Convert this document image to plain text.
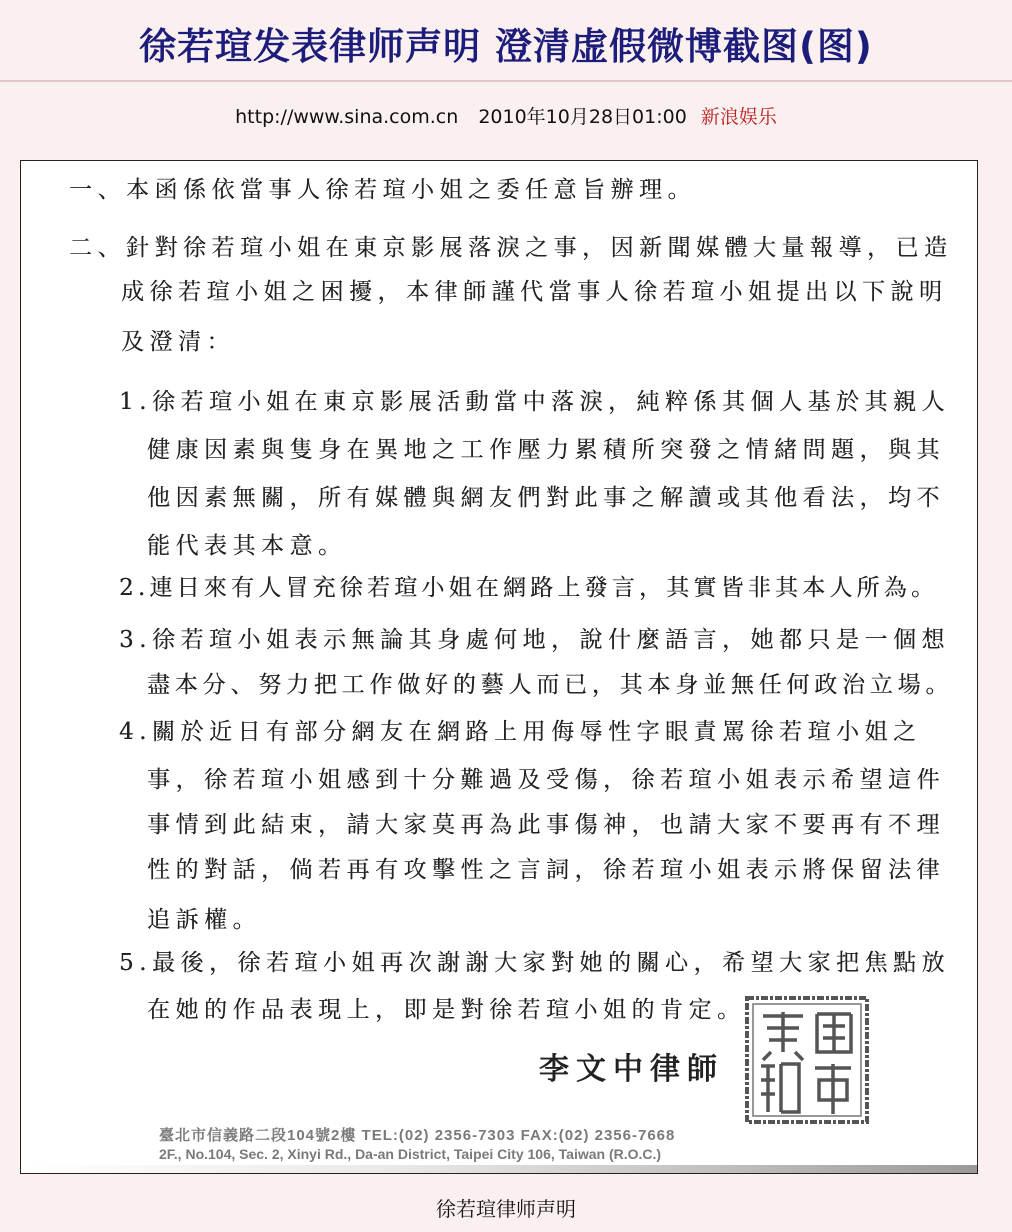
徐若瑄发表律师声明 澄清虚假微博截图(图)
http://www.sina.com.cn 2010年10月28日01:00 新浪娱乐
一、本函係依當事人徐若瑄小姐之委任意旨辦理。
二、針對徐若瑄小姐在東京影展落淚之事，因新聞媒體大量報導，已造
成徐若瑄小姐之困擾，本律師謹代當事人徐若瑄小姐提出以下說明
及澄清：
1.徐若瑄小姐在東京影展活動當中落淚，純粹係其個人基於其親人
健康因素與隻身在異地之工作壓力累積所突發之情緒問題，與其
他因素無關，所有媒體與網友們對此事之解讀或其他看法，均不
能代表其本意。
2.連日來有人冒充徐若瑄小姐在網路上發言，其實皆非其本人所為。
3.徐若瑄小姐表示無論其身處何地，說什麼語言，她都只是一個想
盡本分、努力把工作做好的藝人而已，其本身並無任何政治立場。
4.關於近日有部分網友在網路上用侮辱性字眼責罵徐若瑄小姐之
事，徐若瑄小姐感到十分難過及受傷，徐若瑄小姐表示希望這件
事情到此結束，請大家莫再為此事傷神，也請大家不要再有不理
性的對話，倘若再有攻擊性之言詞，徐若瑄小姐表示將保留法律
追訴權。
5.最後，徐若瑄小姐再次謝謝大家對她的關心，希望大家把焦點放
在她的作品表現上，即是對徐若瑄小姐的肯定。
李文中律師
臺北市信義路二段104號2樓 TEL:(02) 2356-7303 FAX:(02) 2356-7668
2F., No.104, Sec. 2, Xinyi Rd., Da-an District, Taipei City 106, Taiwan (R.O.C.)
徐若瑄律师声明
